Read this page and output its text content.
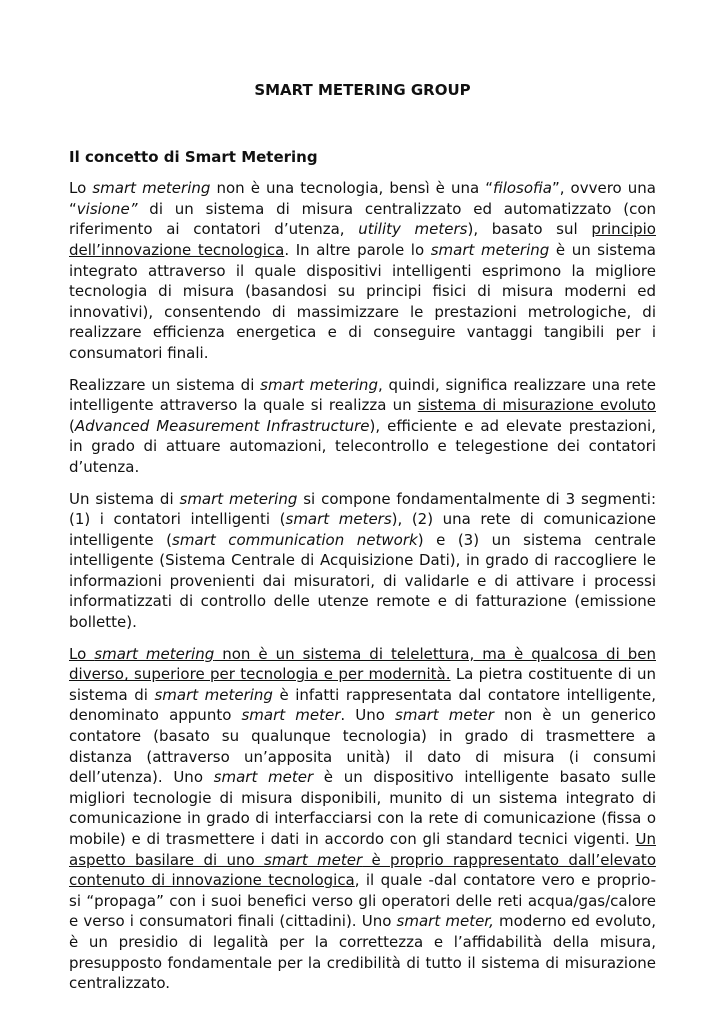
SMART METERING GROUP
Il concetto di Smart Metering

Lo smart metering non è una tecnologia, bensì è una “filosofia”, ovvero una “visione” di un sistema di misura centralizzato ed automatizzato (con riferimento ai contatori d’utenza, utility meters), basato sul principio dell’innovazione tecnologica. In altre parole lo smart metering è un sistema integrato attraverso il quale dispositivi intelligenti esprimono la migliore tecnologia di misura (basandosi su principi fisici di misura moderni ed innovativi), consentendo di massimizzare le prestazioni metrologiche, di realizzare efficienza energetica e di conseguire vantaggi tangibili per i consumatori finali.

Realizzare un sistema di smart metering, quindi, significa realizzare una rete intelligente attraverso la quale si realizza un sistema di misurazione evoluto (Advanced Measurement Infrastructure), efficiente e ad elevate prestazioni, in grado di attuare automazioni, telecontrollo e telegestione dei contatori d’utenza.

Un sistema di smart metering si compone fondamentalmente di 3 segmenti: (1) i contatori intelligenti (smart meters), (2) una rete di comunicazione intelligente (smart communication network) e (3) un sistema centrale intelligente (Sistema Centrale di Acquisizione Dati), in grado di raccogliere le informazioni provenienti dai misuratori, di validarle e di attivare i processi informatizzati di controllo delle utenze remote e di fatturazione (emissione bollette).

Lo smart metering non è un sistema di telelettura, ma è qualcosa di ben diverso, superiore per tecnologia e per modernità. La pietra costituente di un sistema di smart metering è infatti rappresentata dal contatore intelligente, denominato appunto smart meter. Uno smart meter non è un generico contatore (basato su qualunque tecnologia) in grado di trasmettere a distanza (attraverso un’apposita unità) il dato di misura (i consumi dell’utenza). Uno smart meter è un dispositivo intelligente basato sulle migliori tecnologie di misura disponibili, munito di un sistema integrato di comunicazione in grado di interfacciarsi con la rete di comunicazione (fissa o mobile) e di trasmettere i dati in accordo con gli standard tecnici vigenti. Un aspetto basilare di uno smart meter è proprio rappresentato dall’elevato contenuto di innovazione tecnologica, il quale -dal contatore vero e proprio- si “propaga” con i suoi benefici verso gli operatori delle reti acqua/gas/calore e verso i consumatori finali (cittadini). Uno smart meter, moderno ed evoluto, è un presidio di legalità per la correttezza e l’affidabilità della misura, presupposto fondamentale per la credibilità di tutto il sistema di misurazione centralizzato.
